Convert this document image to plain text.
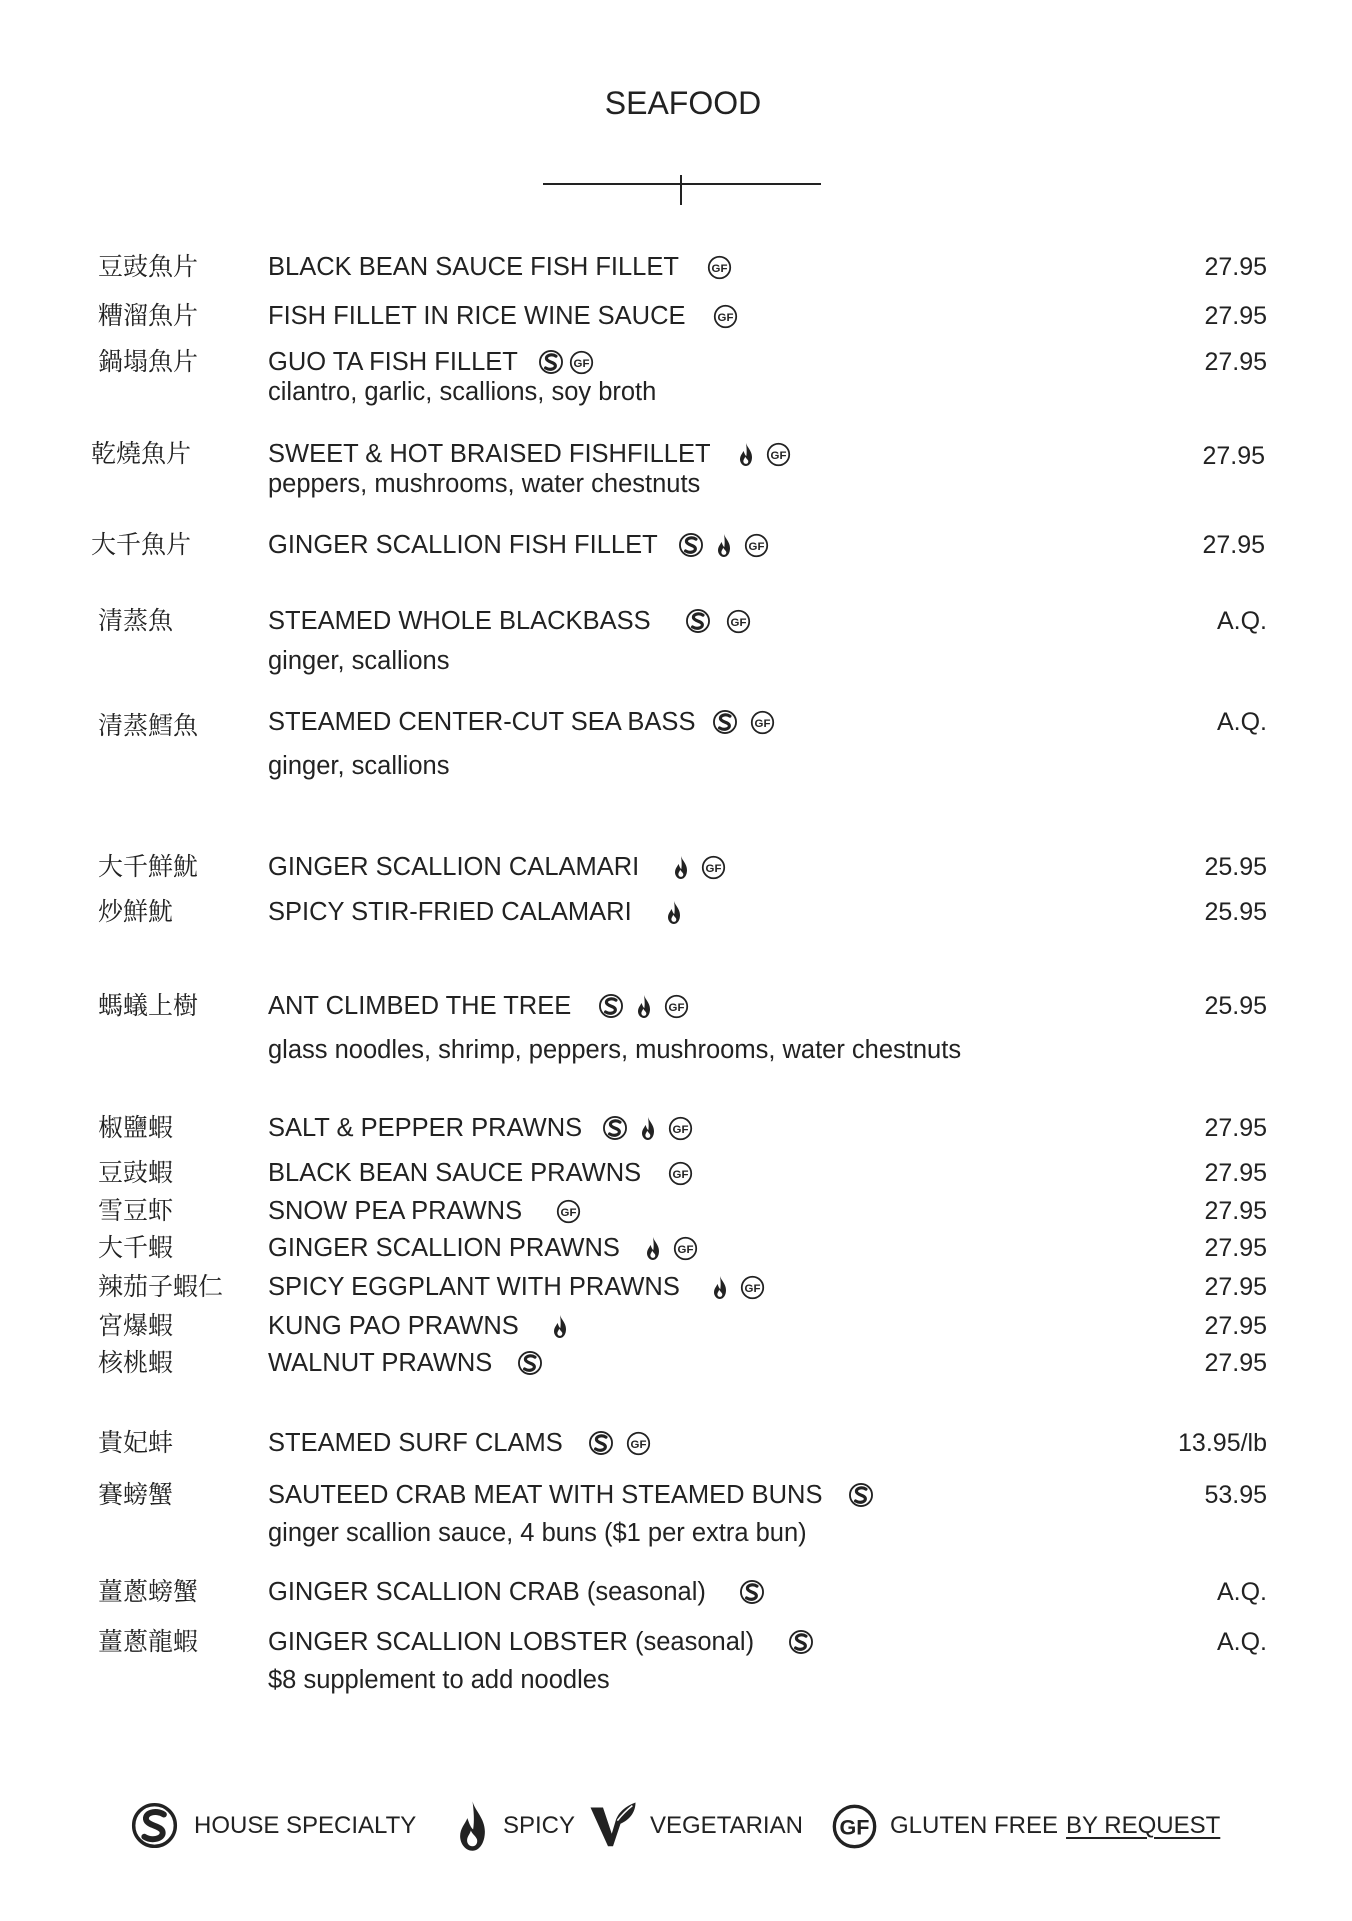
SEAFOOD
豆豉魚片	BLACK BEAN SAUCE FISH FILLET	GF	27.95
糟溜魚片	FISH FILLET IN RICE WINE SAUCE	GF	27.95
鍋塌魚片	GUO TA FISH FILLET	GF	27.95
cilantro, garlic, scallions, soy broth
乾燒魚片	SWEET & HOT BRAISED FISHFILLET	GF	27.95
peppers, mushrooms, water chestnuts
大千魚片	GINGER SCALLION FISH FILLET	GF	27.95
清蒸魚	STEAMED WHOLE BLACKBASS	GF	A.Q.
ginger, scallions
清蒸鱈魚	STEAMED CENTER-CUT SEA BASS	GF	A.Q.
ginger, scallions
大千鮮魷	GINGER SCALLION CALAMARI	GF	25.95
炒鮮魷	SPICY STIR-FRIED CALAMARI	25.95
螞蟻上樹	ANT CLIMBED THE TREE	GF	25.95
glass noodles, shrimp, peppers, mushrooms, water chestnuts
椒鹽蝦	SALT & PEPPER PRAWNS	GF	27.95
豆豉蝦	BLACK BEAN SAUCE PRAWNS	GF	27.95
雪豆虾	SNOW PEA PRAWNS	GF	27.95
大千蝦	GINGER SCALLION PRAWNS	GF	27.95
辣茄子蝦仁 SPICY EGGPLANT WITH PRAWNS	GF	27.95
宮爆蝦	KUNG PAO PRAWNS	27.95
核桃蝦	WALNUT PRAWNS	27.95
貴妃蚌	STEAMED SURF CLAMS	GF	13.95/lb
賽螃蟹	SAUTEED CRAB MEAT WITH STEAMED BUNS	53.95
ginger scallion sauce, 4 buns ($1 per extra bun)
薑蔥螃蟹	GINGER SCALLION CRAB (seasonal)	A.Q.
薑蔥龍蝦	GINGER SCALLION LOBSTER (seasonal)	A.Q.
$8 supplement to add noodles
HOUSE SPECIALTY	SPICY	VEGETARIAN	GF GLUTEN FREE BY REQUEST
